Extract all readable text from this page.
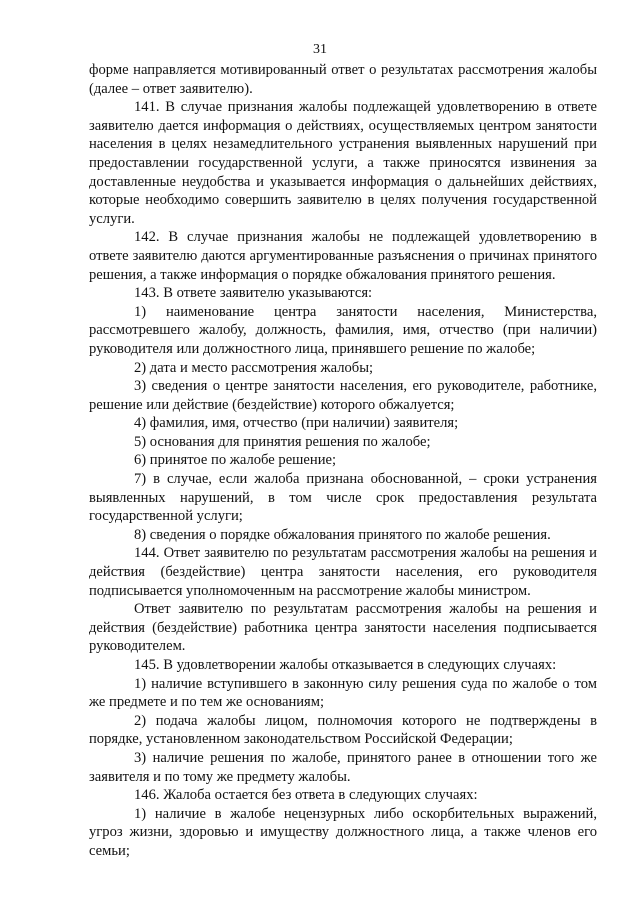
31

форме направляется мотивированный ответ о результатах рассмотрения жалобы (далее – ответ заявителю).

141. В случае признания жалобы подлежащей удовлетворению в ответе заявителю дается информация о действиях, осуществляемых центром занятости населения в целях незамедлительного устранения выявленных нарушений при предоставлении государственной услуги, а также приносятся извинения за доставленные неудобства и указывается информация о дальнейших действиях, которые необходимо совершить заявителю в целях получения государственной услуги.

142. В случае признания жалобы не подлежащей удовлетворению в ответе заявителю даются аргументированные разъяснения о причинах принятого решения, а также информация о порядке обжалования принятого решения.

143. В ответе заявителю указываются:

1) наименование центра занятости населения, Министерства, рассмотревшего жалобу, должность, фамилия, имя, отчество (при наличии) руководителя или должностного лица, принявшего решение по жалобе;

2) дата и место рассмотрения жалобы;

3) сведения о центре занятости населения, его руководителе, работнике, решение или действие (бездействие) которого обжалуется;

4) фамилия, имя, отчество (при наличии) заявителя;

5) основания для принятия решения по жалобе;

6) принятое по жалобе решение;

7) в случае, если жалоба признана обоснованной, – сроки устранения выявленных нарушений, в том числе срок предоставления результата государственной услуги;

8) сведения о порядке обжалования принятого по жалобе решения.

144. Ответ заявителю по результатам рассмотрения жалобы на решения и действия (бездействие) центра занятости населения, его руководителя подписывается уполномоченным на рассмотрение жалобы министром.

Ответ заявителю по результатам рассмотрения жалобы на решения и действия (бездействие) работника центра занятости населения подписывается руководителем.

145. В удовлетворении жалобы отказывается в следующих случаях:

1) наличие вступившего в законную силу решения суда по жалобе о том же предмете и по тем же основаниям;

2) подача жалобы лицом, полномочия которого не подтверждены в порядке, установленном законодательством Российской Федерации;

3) наличие решения по жалобе, принятого ранее в отношении того же заявителя и по тому же предмету жалобы.

146. Жалоба остается без ответа в следующих случаях:

1) наличие в жалобе нецензурных либо оскорбительных выражений, угроз жизни, здоровью и имуществу должностного лица, а также членов его семьи;
